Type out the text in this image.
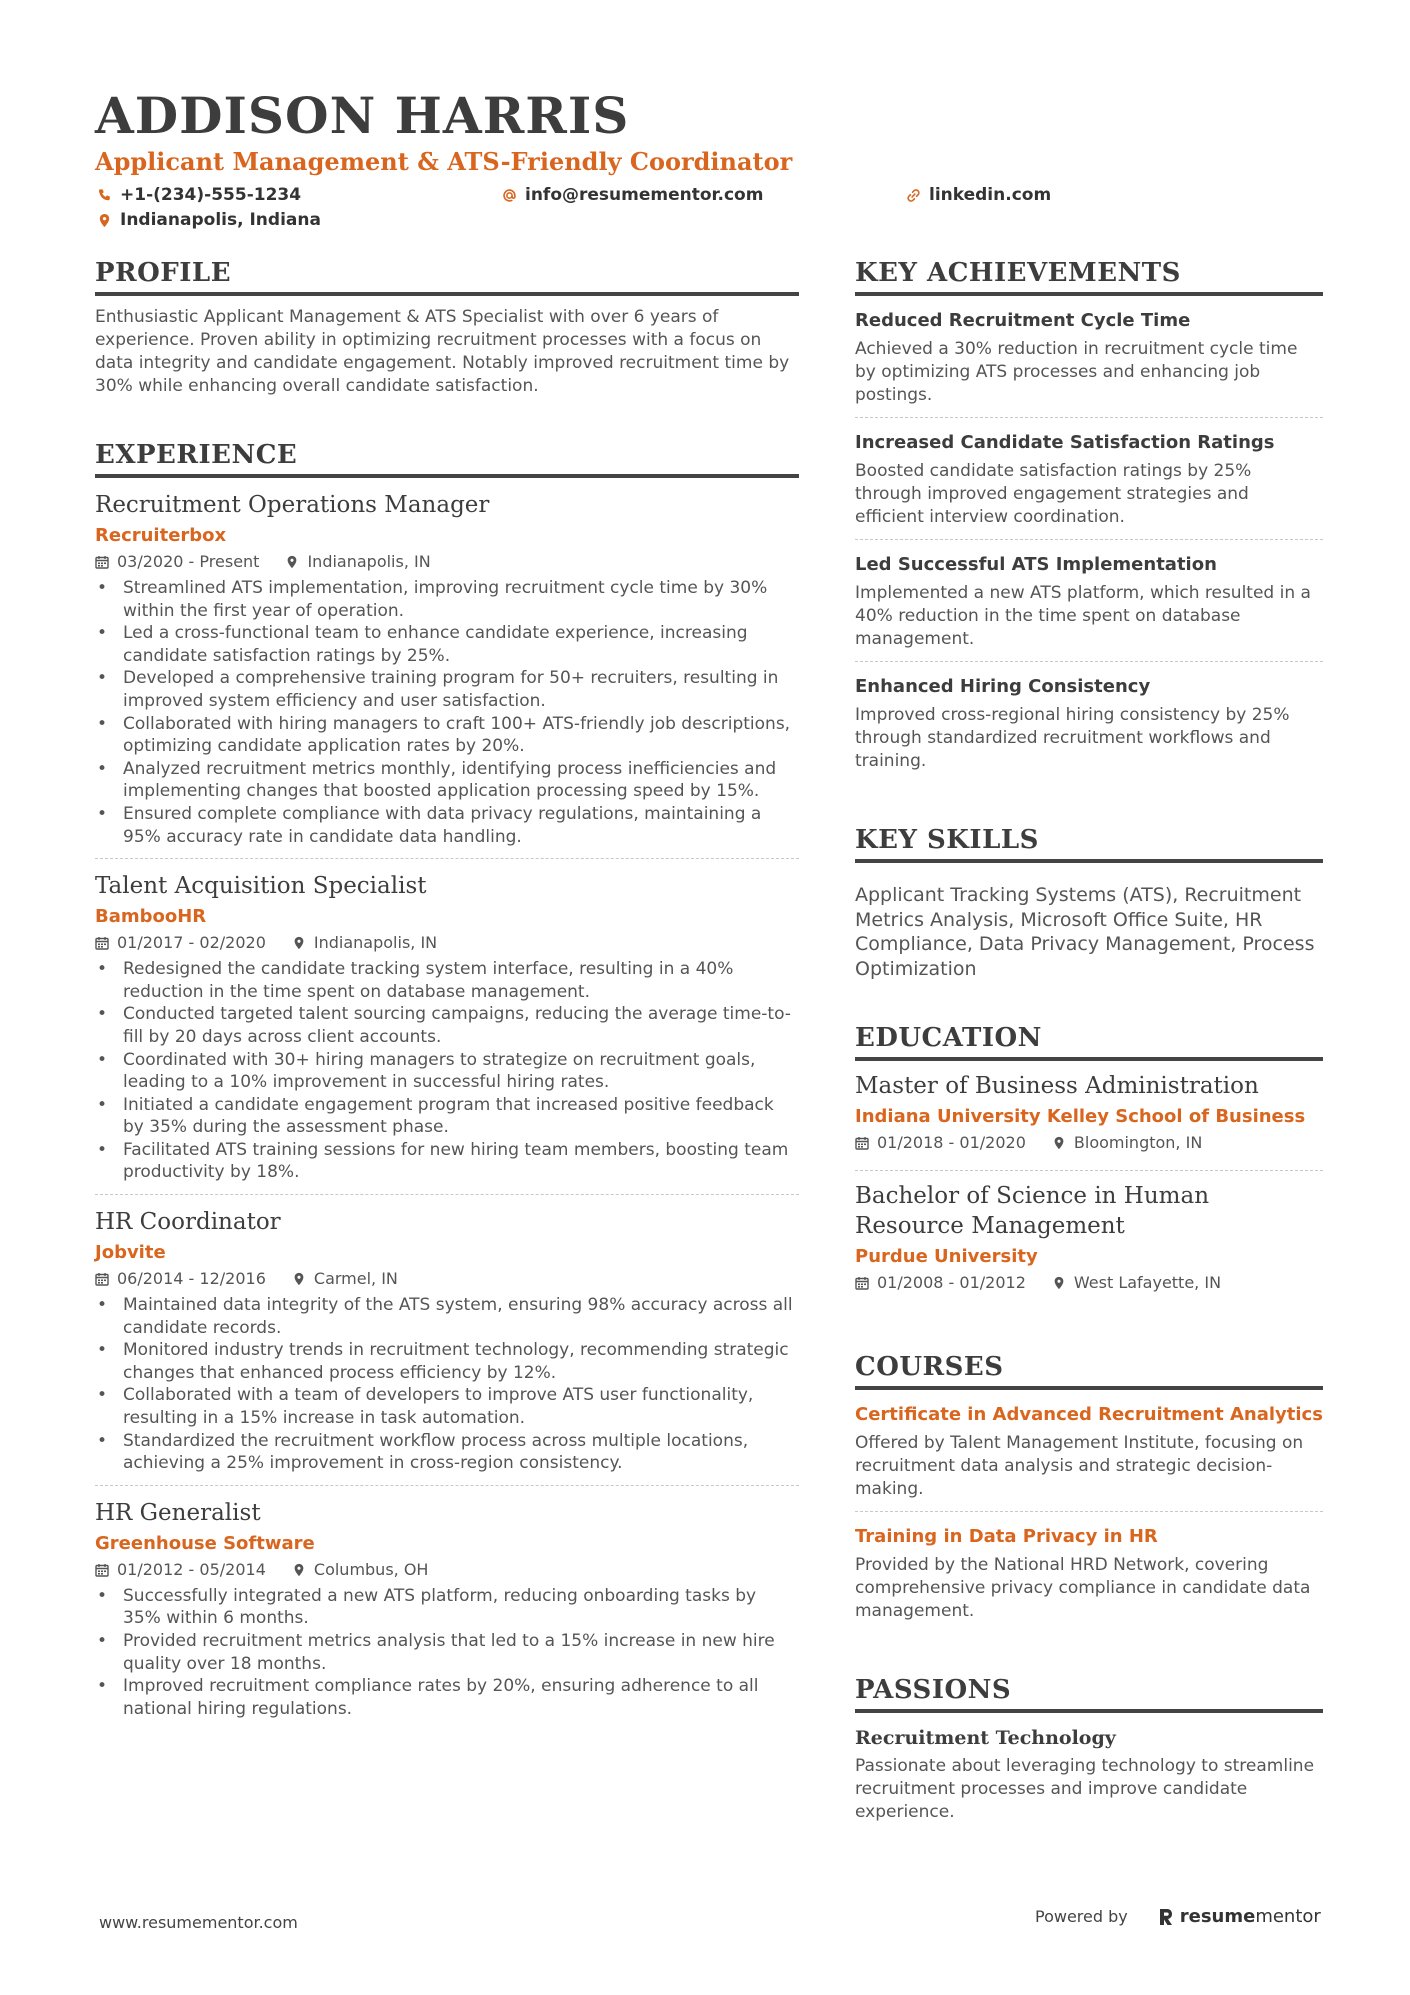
ADDISON HARRIS
Applicant Management & ATS-Friendly Coordinator
+1-(234)-555-1234	info@resumementor.com	linkedin.com
Indianapolis, Indiana
PROFILE
Enthusiastic Applicant Management & ATS Specialist with over 6 years of experience. Proven ability in optimizing recruitment processes with a focus on data integrity and candidate engagement. Notably improved recruitment time by 30% while enhancing overall candidate satisfaction.
EXPERIENCE
Recruitment Operations Manager
Recruiterbox
03/2020 - Present	Indianapolis, IN
• Streamlined ATS implementation, improving recruitment cycle time by 30% within the first year of operation.
• Led a cross-functional team to enhance candidate experience, increasing candidate satisfaction ratings by 25%.
• Developed a comprehensive training program for 50+ recruiters, resulting in improved system efficiency and user satisfaction.
• Collaborated with hiring managers to craft 100+ ATS-friendly job descriptions, optimizing candidate application rates by 20%.
• Analyzed recruitment metrics monthly, identifying process inefficiencies and implementing changes that boosted application processing speed by 15%.
• Ensured complete compliance with data privacy regulations, maintaining a 95% accuracy rate in candidate data handling.
Talent Acquisition Specialist
BambooHR
01/2017 - 02/2020	Indianapolis, IN
• Redesigned the candidate tracking system interface, resulting in a 40% reduction in the time spent on database management.
• Conducted targeted talent sourcing campaigns, reducing the average time-to-fill by 20 days across client accounts.
• Coordinated with 30+ hiring managers to strategize on recruitment goals, leading to a 10% improvement in successful hiring rates.
• Initiated a candidate engagement program that increased positive feedback by 35% during the assessment phase.
• Facilitated ATS training sessions for new hiring team members, boosting team productivity by 18%.
HR Coordinator
Jobvite
06/2014 - 12/2016	Carmel, IN
• Maintained data integrity of the ATS system, ensuring 98% accuracy across all candidate records.
• Monitored industry trends in recruitment technology, recommending strategic changes that enhanced process efficiency by 12%.
• Collaborated with a team of developers to improve ATS user functionality, resulting in a 15% increase in task automation.
• Standardized the recruitment workflow process across multiple locations, achieving a 25% improvement in cross-region consistency.
HR Generalist
Greenhouse Software
01/2012 - 05/2014	Columbus, OH
• Successfully integrated a new ATS platform, reducing onboarding tasks by 35% within 6 months.
• Provided recruitment metrics analysis that led to a 15% increase in new hire quality over 18 months.
• Improved recruitment compliance rates by 20%, ensuring adherence to all national hiring regulations.
KEY ACHIEVEMENTS
Reduced Recruitment Cycle Time
Achieved a 30% reduction in recruitment cycle time by optimizing ATS processes and enhancing job postings.
Increased Candidate Satisfaction Ratings
Boosted candidate satisfaction ratings by 25% through improved engagement strategies and efficient interview coordination.
Led Successful ATS Implementation
Implemented a new ATS platform, which resulted in a 40% reduction in the time spent on database management.
Enhanced Hiring Consistency
Improved cross-regional hiring consistency by 25% through standardized recruitment workflows and training.
KEY SKILLS
Applicant Tracking Systems (ATS), Recruitment Metrics Analysis, Microsoft Office Suite, HR Compliance, Data Privacy Management, Process Optimization
EDUCATION
Master of Business Administration
Indiana University Kelley School of Business
01/2018 - 01/2020	Bloomington, IN
Bachelor of Science in Human Resource Management
Purdue University
01/2008 - 01/2012	West Lafayette, IN
COURSES
Certificate in Advanced Recruitment Analytics
Offered by Talent Management Institute, focusing on recruitment data analysis and strategic decision-making.
Training in Data Privacy in HR
Provided by the National HRD Network, covering comprehensive privacy compliance in candidate data management.
PASSIONS
Recruitment Technology
Passionate about leveraging technology to streamline recruitment processes and improve candidate experience.
www.resumementor.com	Powered by	resume mentor
